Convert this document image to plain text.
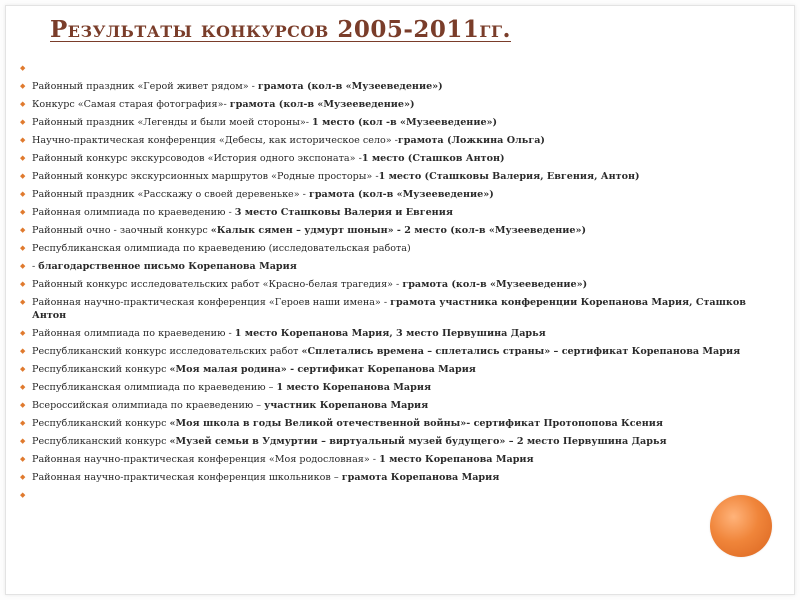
Результаты конкурсов 2005-2011гг.
◆
◆ Районный праздник «Герой живет рядом» - грамота (кол-в «Музееведение»)
◆ Конкурс «Самая старая фотография»- грамота (кол-в «Музееведение»)
◆ Районный праздник «Легенды и были моей стороны»- 1 место (кол -в «Музееведение»)
◆ Научно-практическая конференция «Дебесы, как историческое село» -грамота (Ложкина Ольга)
◆ Районный конкурс экскурсоводов «История одного экспоната» -1 место (Сташков Антон)
◆ Районный конкурс экскурсионных маршрутов «Родные просторы» -1 место (Сташковы Валерия, Евгения, Антон)
◆ Районный праздник «Расскажу о своей деревеньке» - грамота (кол-в «Музееведение»)
◆ Районная олимпиада по краеведению - 3 место Сташковы Валерия и Евгения
◆ Районный очно - заочный конкурс «Калык сямен – удмурт шонын» - 2 место (кол-в «Музееведение»)
◆ Республиканская олимпиада по краеведению (исследовательская работа)
◆ - благодарственное письмо Корепанова Мария
◆ Районный конкурс исследовательских работ «Красно-белая трагедия» - грамота (кол-в «Музееведение»)
◆ Районная научно-практическая конференция «Героев наши имена» - грамота участника конференции Корепанова Мария, Сташков Антон
◆ Районная олимпиада по краеведению - 1 место Корепанова Мария, 3 место Первушина Дарья
◆ Республиканский конкурс исследовательских работ «Сплетались времена – сплетались страны» – сертификат Корепанова Мария
◆ Республиканский конкурс «Моя малая родина» - сертификат Корепанова Мария
◆ Республиканская олимпиада по краеведению – 1 место Корепанова Мария
◆ Всероссийская олимпиада по краеведению – участник Корепанова Мария
◆ Республиканский конкурс «Моя школа в годы Великой отечественной войны»- сертификат Протопопова Ксения
◆ Республиканский конкурс «Музей семьи в Удмуртии – виртуальный музей будущего» – 2 место Первушина Дарья
◆ Районная научно-практическая конференция «Моя родословная» - 1 место Корепанова Мария
◆ Районная научно-практическая конференция школьников – грамота Корепанова Мария
◆
